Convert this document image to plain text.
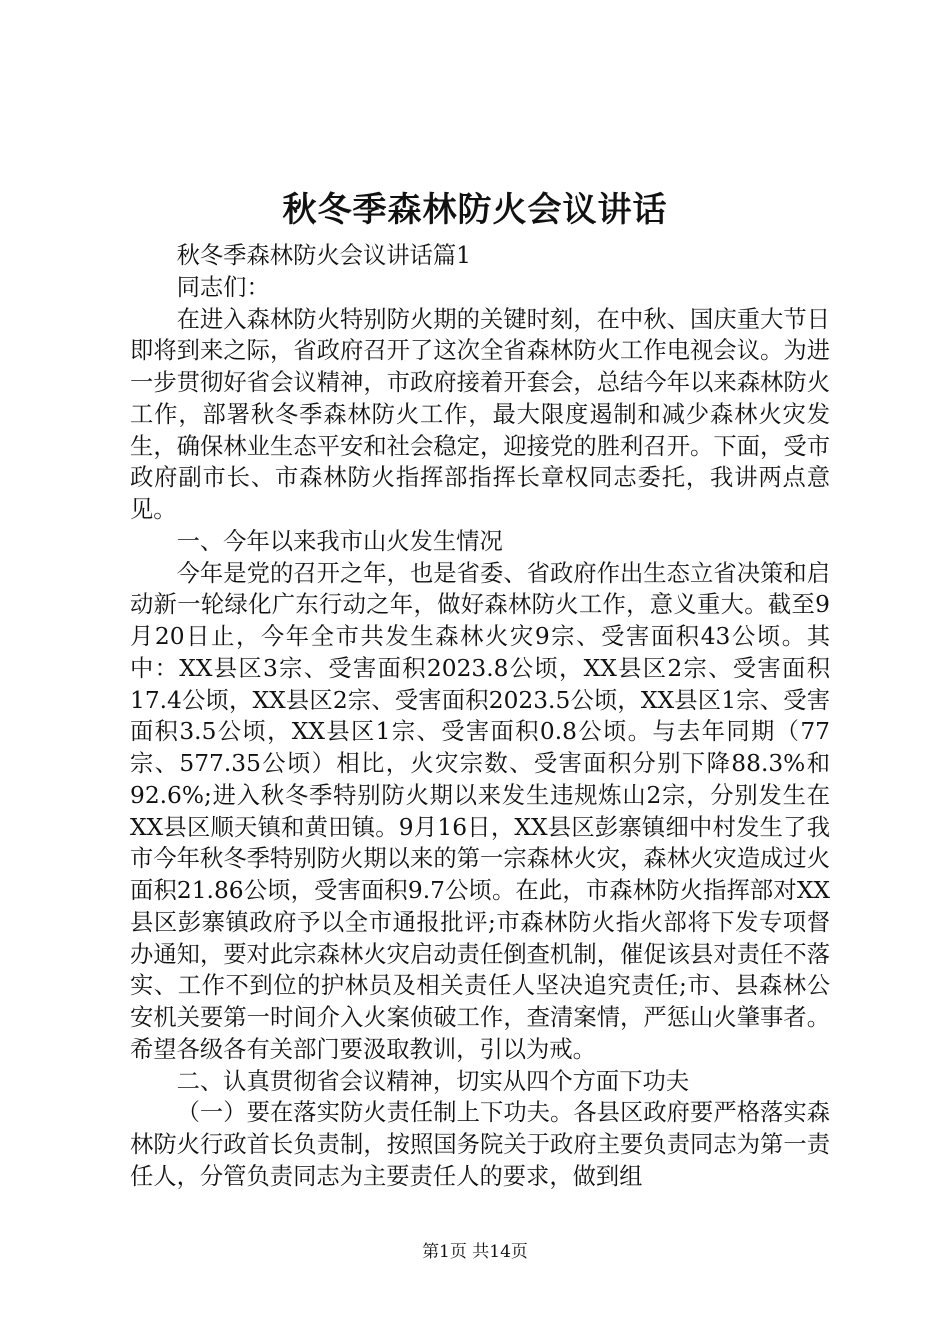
秋冬季森林防火会议讲话

秋冬季森林防火会议讲话篇1

同志们：

在进入森林防火特别防火期的关键时刻，在中秋、国庆重大节日即将到来之际，省政府召开了这次全省森林防火工作电视会议。为进一步贯彻好省会议精神，市政府接着开套会，总结今年以来森林防火工作，部署秋冬季森林防火工作，最大限度遏制和减少森林火灾发生，确保林业生态平安和社会稳定，迎接党的胜利召开。下面，受市政府副市长、市森林防火指挥部指挥长章权同志委托，我讲两点意见。

一、今年以来我市山火发生情况

今年是党的召开之年，也是省委、省政府作出生态立省决策和启动新一轮绿化广东行动之年，做好森林防火工作，意义重大。截至9月20日止，今年全市共发生森林火灾9宗、受害面积43公顷。其中：XX县区3宗、受害面积2023.8公顷，XX县区2宗、受害面积17.4公顷，XX县区2宗、受害面积2023.5公顷，XX县区1宗、受害面积3.5公顷，XX县区1宗、受害面积0.8公顷。与去年同期（77宗、577.35公顷）相比，火灾宗数、受害面积分别下降88.3%和92.6%;进入秋冬季特别防火期以来发生违规炼山2宗，分别发生在XX县区顺天镇和黄田镇。9月16日，XX县区彭寨镇细中村发生了我市今年秋冬季特别防火期以来的第一宗森林火灾，森林火灾造成过火面积21.86公顷，受害面积9.7公顷。在此，市森林防火指挥部对XX县区彭寨镇政府予以全市通报批评;市森林防火指火部将下发专项督办通知，要对此宗森林火灾启动责任倒查机制，催促该县对责任不落实、工作不到位的护林员及相关责任人坚决追究责任;市、县森林公安机关要第一时间介入火案侦破工作，查清案情，严惩山火肇事者。希望各级各有关部门要汲取教训，引以为戒。

二、认真贯彻省会议精神，切实从四个方面下功夫

（一）要在落实防火责任制上下功夫。各县区政府要严格落实森林防火行政首长负责制，按照国务院关于政府主要负责同志为第一责任人，分管负责同志为主要责任人的要求，做到组

第1页 共14页
